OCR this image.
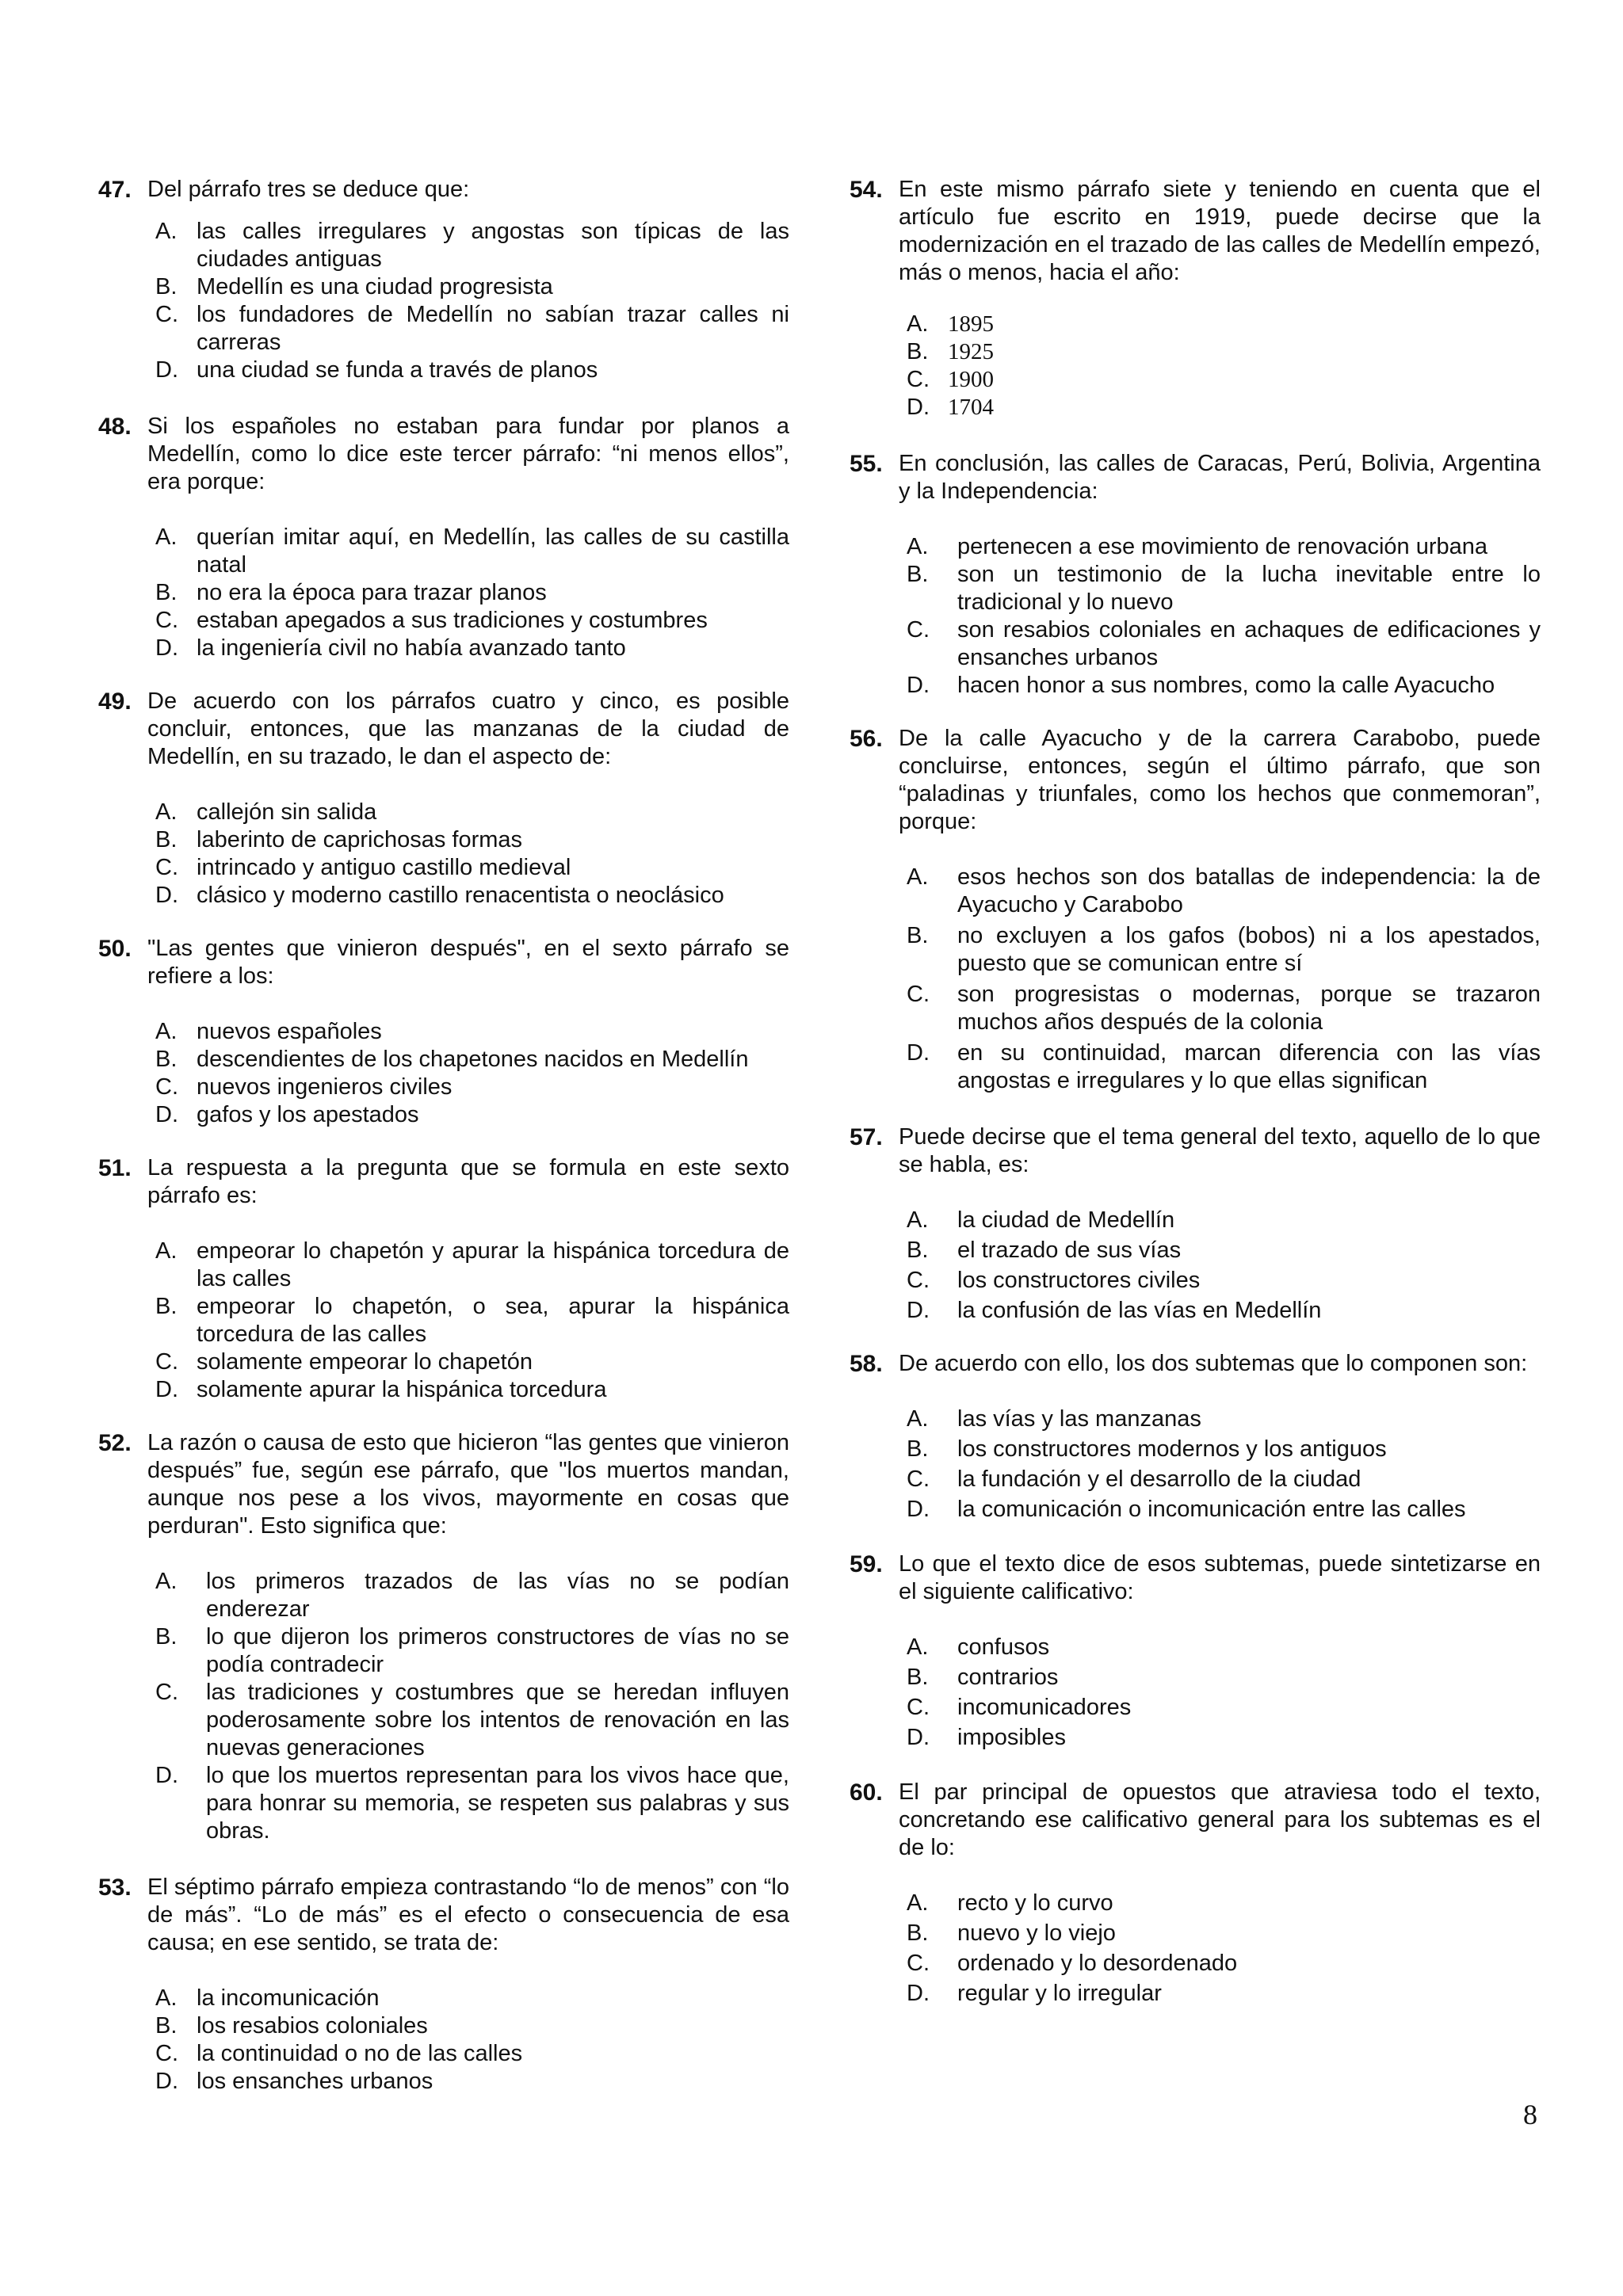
47. Del párrafo tres se deduce que:

A. las calles irregulares y angostas son típicas de las ciudades antiguas
B. Medellín es una ciudad progresista
C. los fundadores de Medellín no sabían trazar calles ni carreras
D. una ciudad se funda a través de planos
48. Si los españoles no estaban para fundar por planos a Medellín, como lo dice este tercer párrafo: “ni menos ellos”, era porque:

A. querían imitar aquí, en Medellín, las calles de su castilla natal
B. no era la época para trazar planos
C. estaban apegados a sus tradiciones y costumbres
D. la ingeniería civil no había avanzado tanto
49. De acuerdo con los párrafos cuatro y cinco, es posible concluir, entonces, que las manzanas de la ciudad de Medellín, en su trazado, le dan el aspecto de:

A. callejón sin salida
B. laberinto de caprichosas formas
C. intrincado y antiguo castillo medieval
D. clásico y moderno castillo renacentista o neoclásico
50. "Las gentes que vinieron después", en el sexto párrafo se refiere a los:

A. nuevos españoles
B. descendientes de los chapetones nacidos en Medellín
C. nuevos ingenieros civiles
D. gafos y los apestados
51. La respuesta a la pregunta que se formula en este sexto párrafo es:

A. empeorar lo chapetón y apurar la hispánica torcedura de las calles
B. empeorar lo chapetón, o sea, apurar la hispánica torcedura de las calles
C. solamente empeorar lo chapetón
D. solamente apurar la hispánica torcedura
52. La razón o causa de esto que hicieron “las gentes que vinieron después” fue, según ese párrafo, que "los muertos mandan, aunque nos pese a los vivos, mayormente en cosas que perduran". Esto significa que:

A. los primeros trazados de las vías no se podían enderezar
B. lo que dijeron los primeros constructores de vías no se podía contradecir
C. las tradiciones y costumbres que se heredan influyen poderosamente sobre los intentos de renovación en las nuevas generaciones
D. lo que los muertos representan para los vivos hace que, para honrar su memoria, se respeten sus palabras y sus obras.
53. El séptimo párrafo empieza contrastando “lo de menos” con “lo de más”. “Lo de más” es el efecto o consecuencia de esa causa; en ese sentido, se trata de:

A. la incomunicación
B. los resabios coloniales
C. la continuidad o no de las calles
D. los ensanches urbanos
54. En este mismo párrafo siete y teniendo en cuenta que el artículo fue escrito en 1919, puede decirse que la modernización en el trazado de las calles de Medellín empezó, más o menos, hacia el año:

A. 1895
B. 1925
C. 1900
D. 1704
55. En conclusión, las calles de Caracas, Perú, Bolivia, Argentina y la Independencia:

A. pertenecen a ese movimiento de renovación urbana
B. son un testimonio de la lucha inevitable entre lo tradicional y lo nuevo
C. son resabios coloniales en achaques de edificaciones y ensanches urbanos
D. hacen honor a sus nombres, como la calle Ayacucho
56. De la calle Ayacucho y de la carrera Carabobo, puede concluirse, entonces, según el último párrafo, que son “paladinas y triunfales, como los hechos que conmemoran”, porque:

A. esos hechos son dos batallas de independencia: la de Ayacucho y Carabobo
B. no excluyen a los gafos (bobos) ni a los apestados, puesto que se comunican entre sí
C. son progresistas o modernas, porque se trazaron muchos años después de la colonia
D. en su continuidad, marcan diferencia con las vías angostas e irregulares y lo que ellas significan
57. Puede decirse que el tema general del texto, aquello de lo que se habla, es:

A. la ciudad de Medellín
B. el trazado de sus vías
C. los constructores civiles
D. la confusión de las vías en Medellín
58. De acuerdo con ello, los dos subtemas que lo componen son:

A. las vías y las manzanas
B. los constructores modernos y los antiguos
C. la fundación y el desarrollo de la ciudad
D. la comunicación o incomunicación entre las calles
59. Lo que el texto dice de esos subtemas, puede sintetizarse en el siguiente calificativo:

A. confusos
B. contrarios
C. incomunicadores
D. imposibles
60. El par principal de opuestos que atraviesa todo el texto, concretando ese calificativo general para los subtemas es el de lo:

A. recto y lo curvo
B. nuevo y lo viejo
C. ordenado y lo desordenado
D. regular y lo irregular
8
